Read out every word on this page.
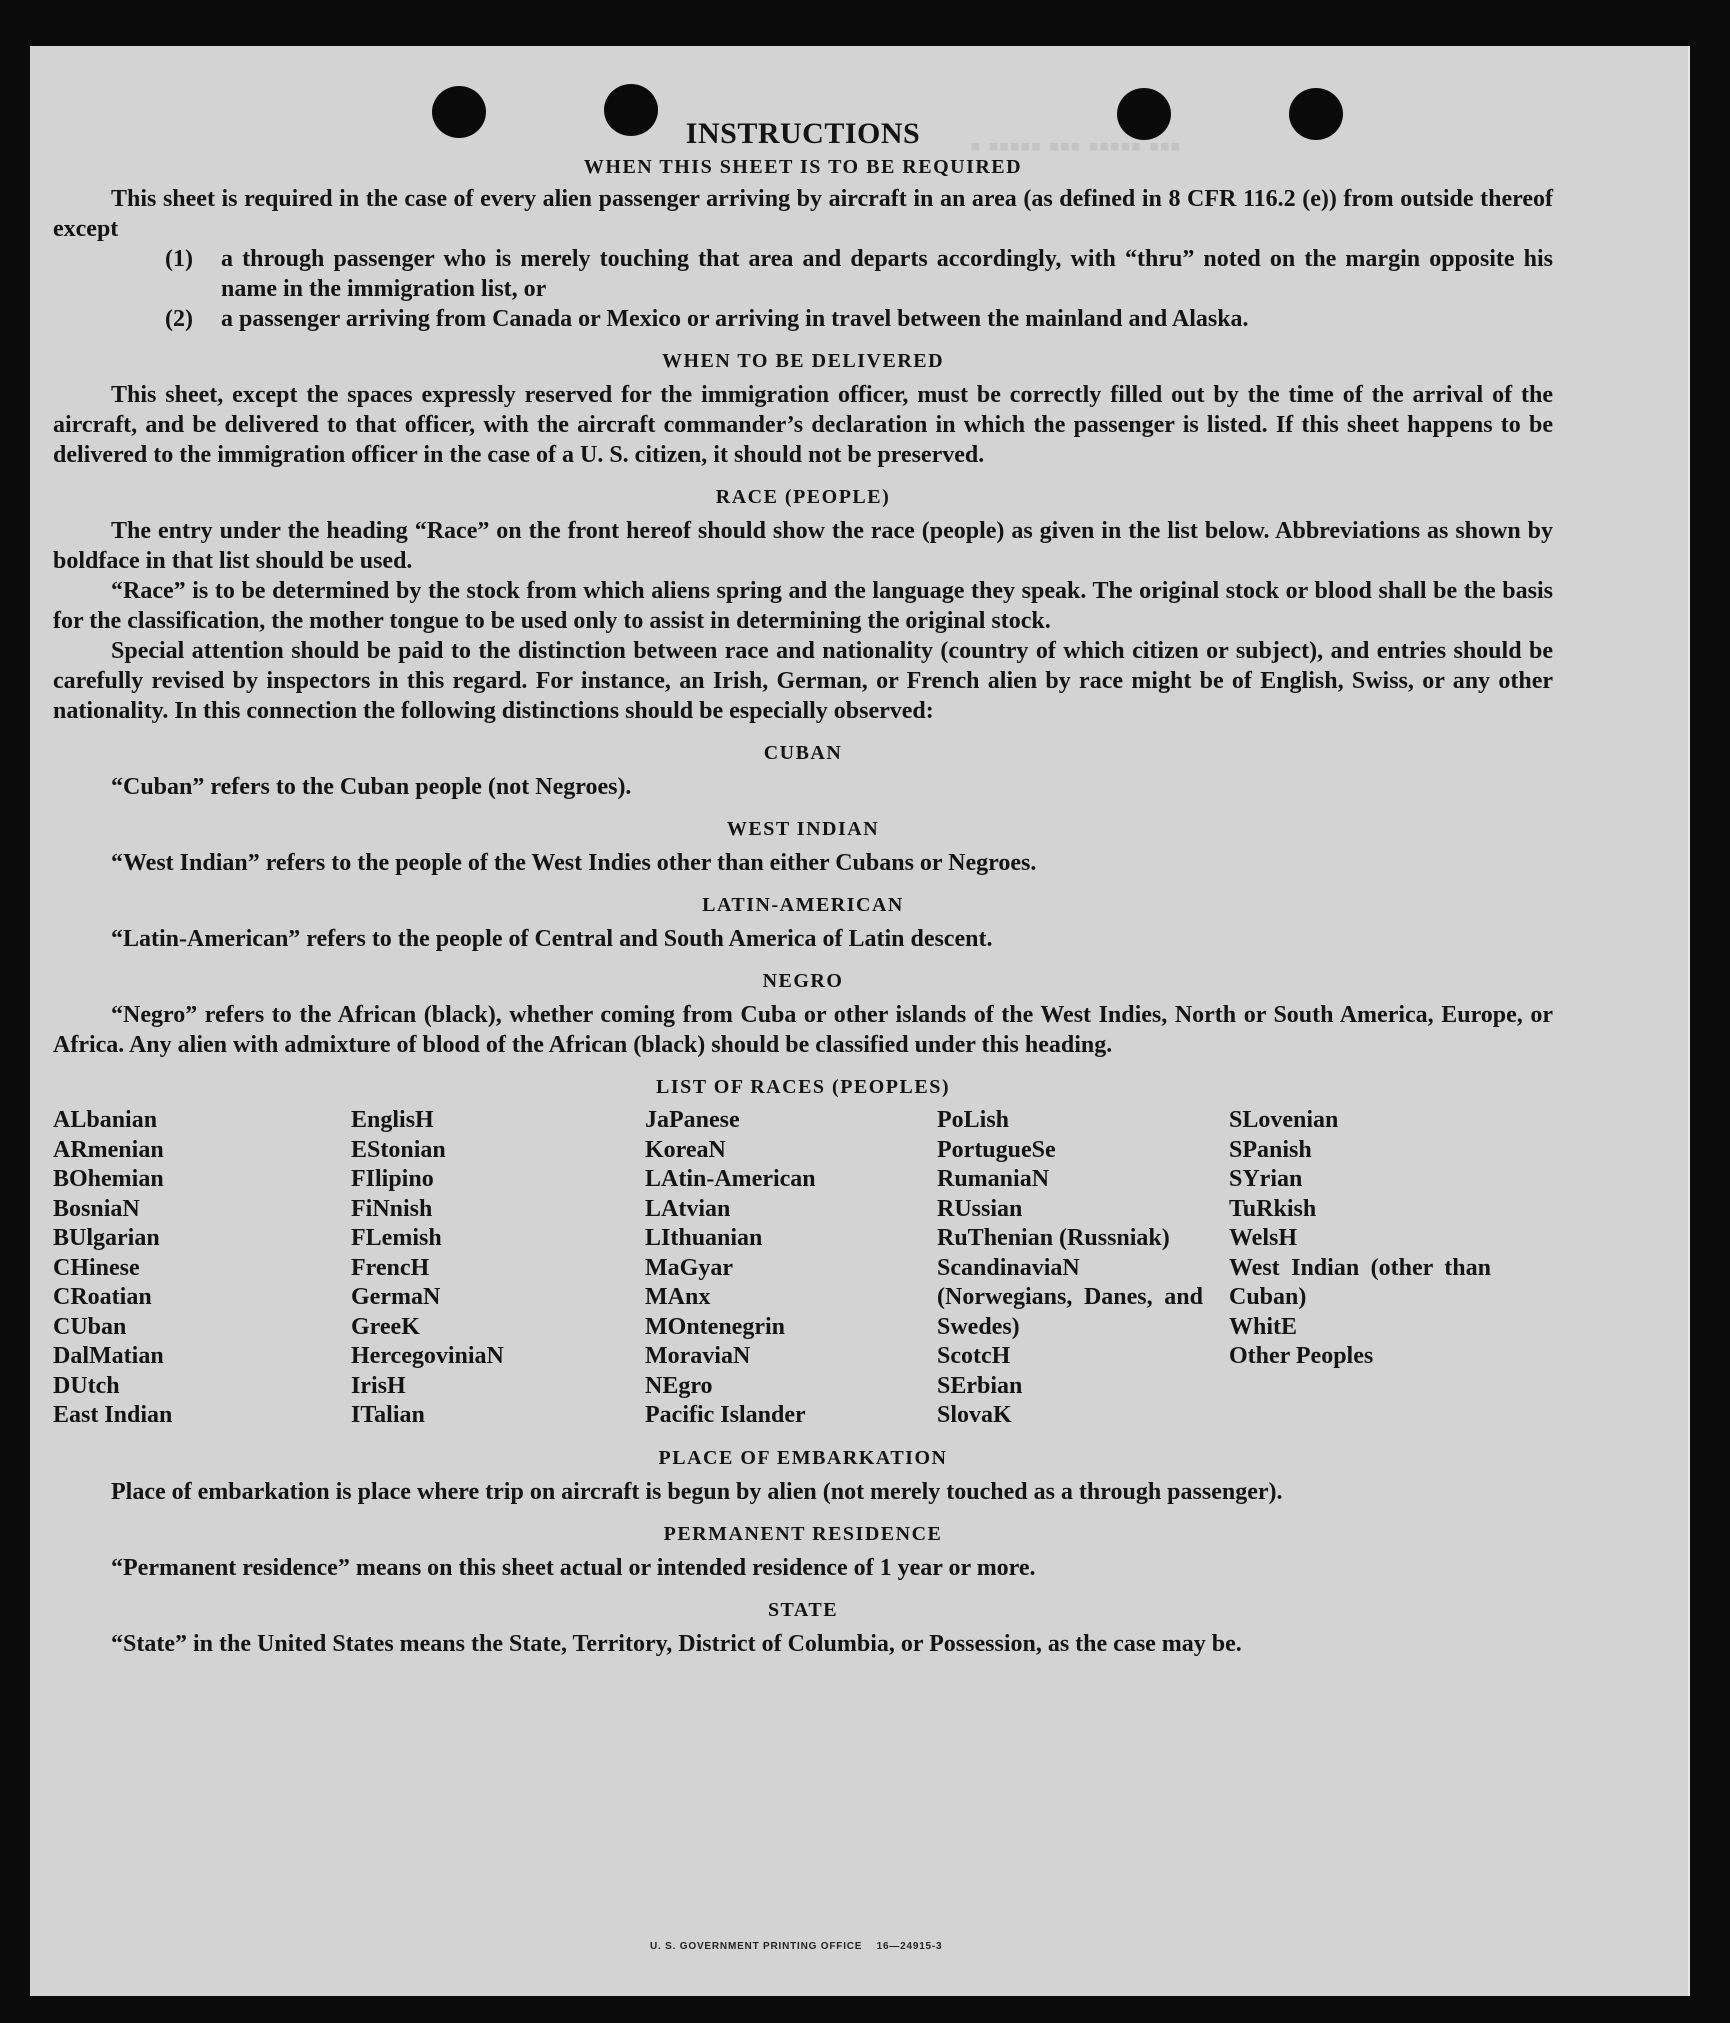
▪ ▪▪▪▪▪ ▪▪▪ ▪▪▪▪▪ ▪▪▪
INSTRUCTIONS
WHEN THIS SHEET IS TO BE REQUIRED

This sheet is required in the case of every alien passenger arriving by aircraft in an area (as defined in 8 CFR 116.2 (e)) from outside thereof except

(1) a through passenger who is merely touching that area and departs accordingly, with “thru” noted on the margin opposite his name in the immigration list, or
(2) a passenger arriving from Canada or Mexico or arriving in travel between the mainland and Alaska.
WHEN TO BE DELIVERED

This sheet, except the spaces expressly reserved for the immigration officer, must be correctly filled out by the time of the arrival of the aircraft, and be delivered to that officer, with the aircraft commander’s declaration in which the passenger is listed. If this sheet happens to be delivered to the immigration officer in the case of a U. S. citizen, it should not be preserved.

RACE (PEOPLE)

The entry under the heading “Race” on the front hereof should show the race (people) as given in the list below. Abbreviations as shown by boldface in that list should be used.

“Race” is to be determined by the stock from which aliens spring and the language they speak. The original stock or blood shall be the basis for the classification, the mother tongue to be used only to assist in determining the original stock.

Special attention should be paid to the distinction between race and nationality (country of which citizen or subject), and entries should be carefully revised by inspectors in this regard. For instance, an Irish, German, or French alien by race might be of English, Swiss, or any other nationality. In this connection the following distinctions should be especially observed:

CUBAN

“Cuban” refers to the Cuban people (not Negroes).

WEST INDIAN

“West Indian” refers to the people of the West Indies other than either Cubans or Negroes.

LATIN-AMERICAN

“Latin-American” refers to the people of Central and South America of Latin descent.

NEGRO

“Negro” refers to the African (black), whether coming from Cuba or other islands of the West Indies, North or South America, Europe, or Africa. Any alien with admixture of blood of the African (black) should be classified under this heading.

LIST OF RACES (PEOPLES)
ALbanian
ARmenian
BOhemian
BosniaN
BUlgarian
CHinese
CRoatian
CUban
DalMatian
DUtch
East Indian
EnglisH
EStonian
FIlipino
FiNnish
FLemish
FrencH
GermaN
GreeK
HercegoviniaN
IrisH
ITalian
JaPanese
KoreaN
LAtin-American
LAtvian
LIthuanian
MaGyar
MAnx
MOntenegrin
MoraviaN
NEgro
Pacific Islander
PoLish
PortugueSe
RumaniaN
RUssian
RuThenian (Russniak)
ScandinaviaN (Norwegians, Danes, and Swedes)
ScotcH
SErbian
SlovaK
SLovenian
SPanish
SYrian
TuRkish
WelsH
West Indian (other than Cuban)
WhitE
Other Peoples
PLACE OF EMBARKATION

Place of embarkation is place where trip on aircraft is begun by alien (not merely touched as a through passenger).

PERMANENT RESIDENCE

“Permanent residence” means on this sheet actual or intended residence of 1 year or more.

STATE

“State” in the United States means the State, Territory, District of Columbia, or Possession, as the case may be.

U. S. GOVERNMENT PRINTING OFFICE    16—24915-3
